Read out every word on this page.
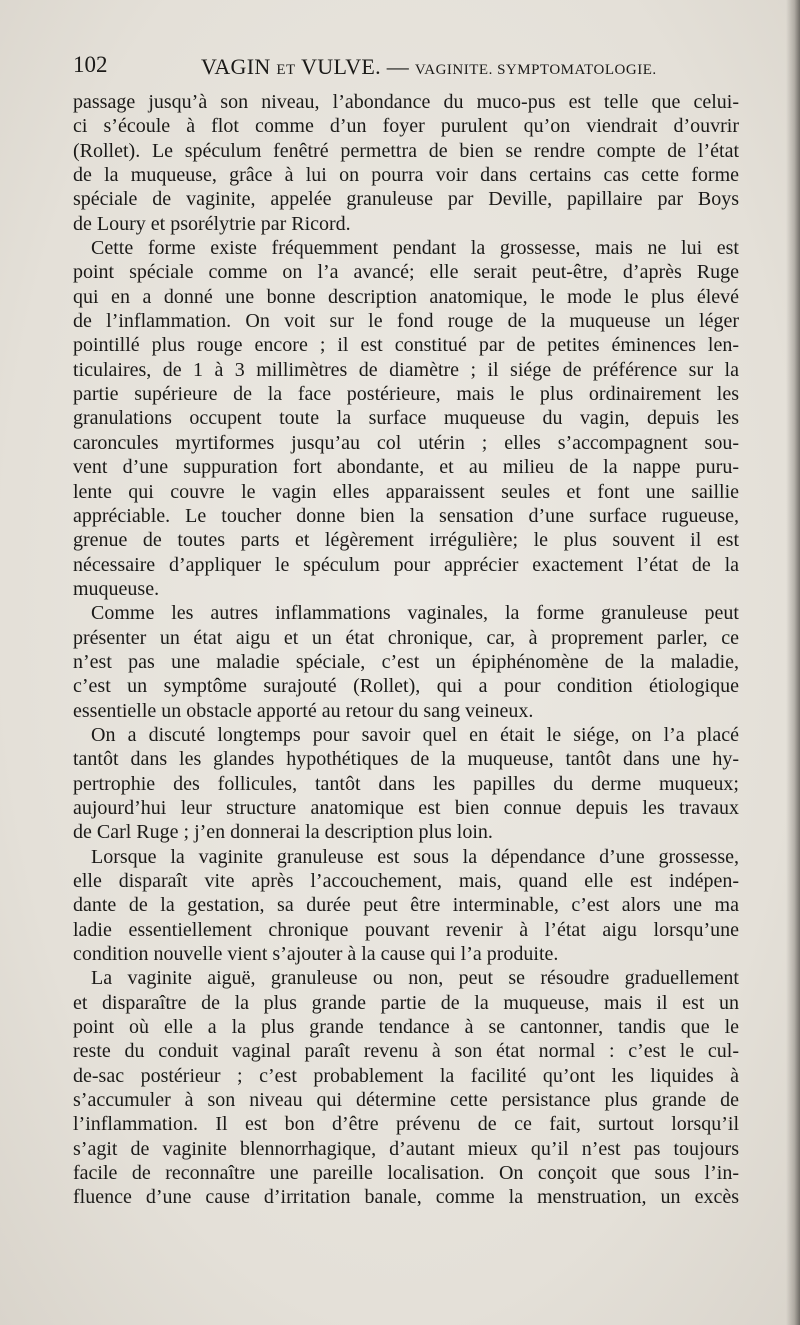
102	VAGIN ET VULVE. — VAGINITE. SYMPTOMATOLOGIE.
passage jusqu’à son niveau, l’abondance du muco-pus est telle que celui-
ci s’écoule à flot comme d’un foyer purulent qu’on viendrait d’ouvrir
(Rollet). Le spéculum fenêtré permettra de bien se rendre compte de l’état
de la muqueuse, grâce à lui on pourra voir dans certains cas cette forme
spéciale de vaginite, appelée granuleuse par Deville, papillaire par Boys
de Loury et psorélytrie par Ricord.
Cette forme existe fréquemment pendant la grossesse, mais ne lui est
point spéciale comme on l’a avancé; elle serait peut-être, d’après Ruge
qui en a donné une bonne description anatomique, le mode le plus élevé
de l’inflammation. On voit sur le fond rouge de la muqueuse un léger
pointillé plus rouge encore ; il est constitué par de petites éminences len-
ticulaires, de 1 à 3 millimètres de diamètre ; il siége de préférence sur la
partie supérieure de la face postérieure, mais le plus ordinairement les
granulations occupent toute la surface muqueuse du vagin, depuis les
caroncules myrtiformes jusqu’au col utérin ; elles s’accompagnent sou-
vent d’une suppuration fort abondante, et au milieu de la nappe puru-
lente qui couvre le vagin elles apparaissent seules et font une saillie
appréciable. Le toucher donne bien la sensation d’une surface rugueuse,
grenue de toutes parts et légèrement irrégulière; le plus souvent il est
nécessaire d’appliquer le spéculum pour apprécier exactement l’état de la
muqueuse.
Comme les autres inflammations vaginales, la forme granuleuse peut
présenter un état aigu et un état chronique, car, à proprement parler, ce
n’est pas une maladie spéciale, c’est un épiphénomène de la maladie,
c’est un symptôme surajouté (Rollet), qui a pour condition étiologique
essentielle un obstacle apporté au retour du sang veineux.
On a discuté longtemps pour savoir quel en était le siége, on l’a placé
tantôt dans les glandes hypothétiques de la muqueuse, tantôt dans une hy-
pertrophie des follicules, tantôt dans les papilles du derme muqueux;
aujourd’hui leur structure anatomique est bien connue depuis les travaux
de Carl Ruge ; j’en donnerai la description plus loin.
Lorsque la vaginite granuleuse est sous la dépendance d’une grossesse,
elle disparaît vite après l’accouchement, mais, quand elle est indépen-
dante de la gestation, sa durée peut être interminable, c’est alors une ma
ladie essentiellement chronique pouvant revenir à l’état aigu lorsqu’une
condition nouvelle vient s’ajouter à la cause qui l’a produite.
La vaginite aiguë, granuleuse ou non, peut se résoudre graduellement
et disparaître de la plus grande partie de la muqueuse, mais il est un
point où elle a la plus grande tendance à se cantonner, tandis que le
reste du conduit vaginal paraît revenu à son état normal : c’est le cul-
de-sac postérieur ; c’est probablement la facilité qu’ont les liquides à
s’accumuler à son niveau qui détermine cette persistance plus grande de
l’inflammation. Il est bon d’être prévenu de ce fait, surtout lorsqu’il
s’agit de vaginite blennorrhagique, d’autant mieux qu’il n’est pas toujours
facile de reconnaître une pareille localisation. On conçoit que sous l’in-
fluence d’une cause d’irritation banale, comme la menstruation, un excès
